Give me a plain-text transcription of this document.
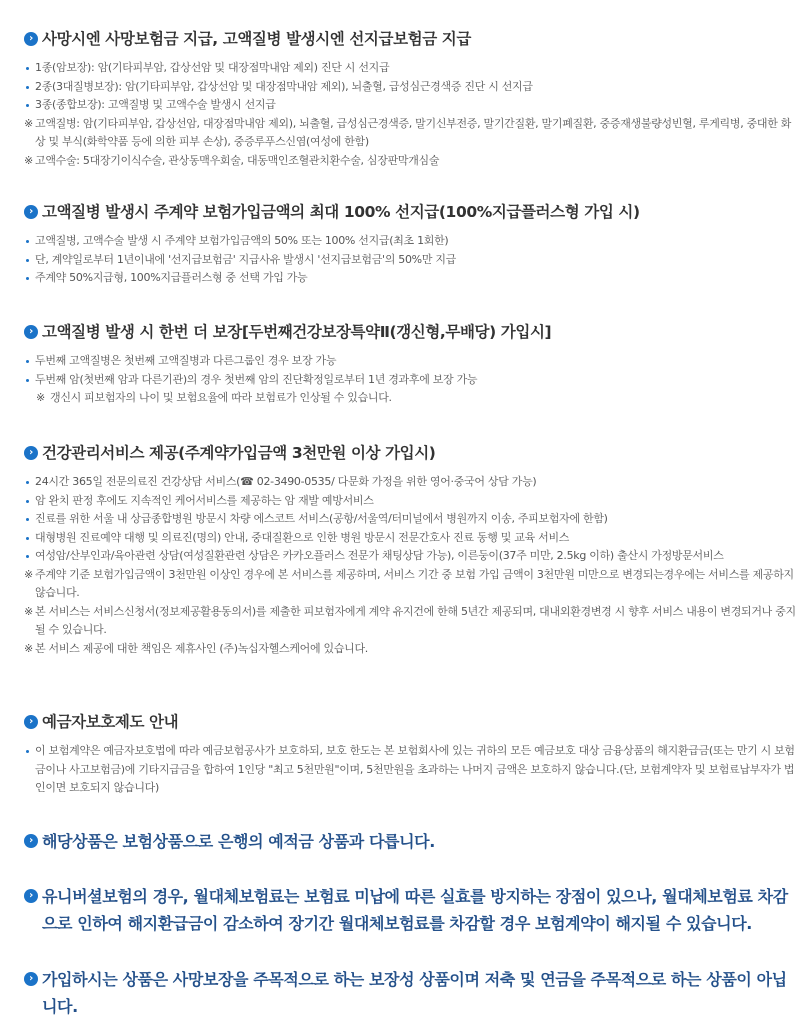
› 사망시엔 사망보험금 지급, 고액질병 발생시엔 선지급보험금 지급
1종(암보장): 암(기타피부암, 갑상선암 및 대장점막내암 제외) 진단 시 선지급
2종(3대질병보장): 암(기타피부암, 갑상선암 및 대장점막내암 제외), 뇌출혈, 급성심근경색증 진단 시 선지급
3종(종합보장): 고액질병 및 고액수술 발생시 선지급
※ 고액질병: 암(기타피부암, 갑상선암, 대장점막내암 제외), 뇌출혈, 급성심근경색증, 말기신부전증, 말기간질환, 말기폐질환, 중증재생불량성빈혈, 루게릭병, 중대한 화상 및 부식(화학약품 등에 의한 피부 손상), 중증루푸스신염(여성에 한함)
※ 고액수술: 5대장기이식수술, 관상동맥우회술, 대동맥인조혈관치환수술, 심장판막개심술
› 고액질병 발생시 주계약 보험가입금액의 최대 100% 선지급(100%지급플러스형 가입 시)
고액질병, 고액수술 발생 시 주계약 보험가입금액의 50% 또는 100% 선지급(최초 1회한)
단, 계약일로부터 1년이내에 '선지급보험금' 지급사유 발생시 '선지급보험금'의 50%만 지급
주계약 50%지급형, 100%지급플러스형 중 선택 가입 가능
› 고액질병 발생 시 한번 더 보장[두번째건강보장특약Ⅱ(갱신형,무배당) 가입시]
두번째 고액질병은 첫번째 고액질병과 다른그룹인 경우 보장 가능
두번째 암(첫번째 암과 다른기관)의 경우 첫번째 암의 진단확정일로부터 1년 경과후에 보장 가능
※ 갱신시 피보험자의 나이 및 보험요율에 따라 보험료가 인상될 수 있습니다.
› 건강관리서비스 제공(주계약가입금액 3천만원 이상 가입시)
24시간 365일 전문의료진 건강상담 서비스(☎ 02-3490-0535/ 다문화 가정을 위한 영어·중국어 상담 가능)
암 완치 판정 후에도 지속적인 케어서비스를 제공하는 암 재발 예방서비스
진료를 위한 서울 내 상급종합병원 방문시 차량 에스코트 서비스(공항/서울역/터미널에서 병원까지 이송, 주피보험자에 한함)
대형병원 진료예약 대행 및 의료진(명의) 안내, 중대질환으로 인한 병원 방문시 전문간호사 진료 동행 및 교육 서비스
여성암/산부인과/육아관련 상담(여성질환관련 상담은 카카오플러스 전문가 채팅상담 가능), 이른둥이(37주 미만, 2.5kg 이하) 출산시 가정방문서비스
※ 주계약 기준 보험가입금액이 3천만원 이상인 경우에 본 서비스를 제공하며, 서비스 기간 중 보험 가입 금액이 3천만원 미만으로 변경되는경우에는 서비스를 제공하지 않습니다.
※ 본 서비스는 서비스신청서(정보제공활용동의서)를 제출한 피보험자에게 계약 유지건에 한해 5년간 제공되며, 대내외환경변경 시 향후 서비스 내용이 변경되거나 중지될 수 있습니다.
※ 본 서비스 제공에 대한 책임은 제휴사인 (주)녹십자헬스케어에 있습니다.
› 예금자보호제도 안내
이 보험계약은 예금자보호법에 따라 예금보험공사가 보호하되, 보호 한도는 본 보험회사에 있는 귀하의 모든 예금보호 대상 금융상품의 해지환급금(또는 만기 시 보험금이나 사고보험금)에 기타지급금을 합하여 1인당 "최고 5천만원"이며, 5천만원을 초과하는 나머지 금액은 보호하지 않습니다.(단, 보험계약자 및 보험료납부자가 법인이면 보호되지 않습니다)
› 해당상품은 보험상품으로 은행의 예적금 상품과 다릅니다.
› 유니버셜보험의 경우, 월대체보험료는 보험료 미납에 따른 실효를 방지하는 장점이 있으나, 월대체보험료 차감으로 인하여 해지환급금이 감소하여 장기간 월대체보험료를 차감할 경우 보험계약이 해지될 수 있습니다.
› 가입하시는 상품은 사망보장을 주목적으로 하는 보장성 상품이며 저축 및 연금을 주목적으로 하는 상품이 아닙니다.
